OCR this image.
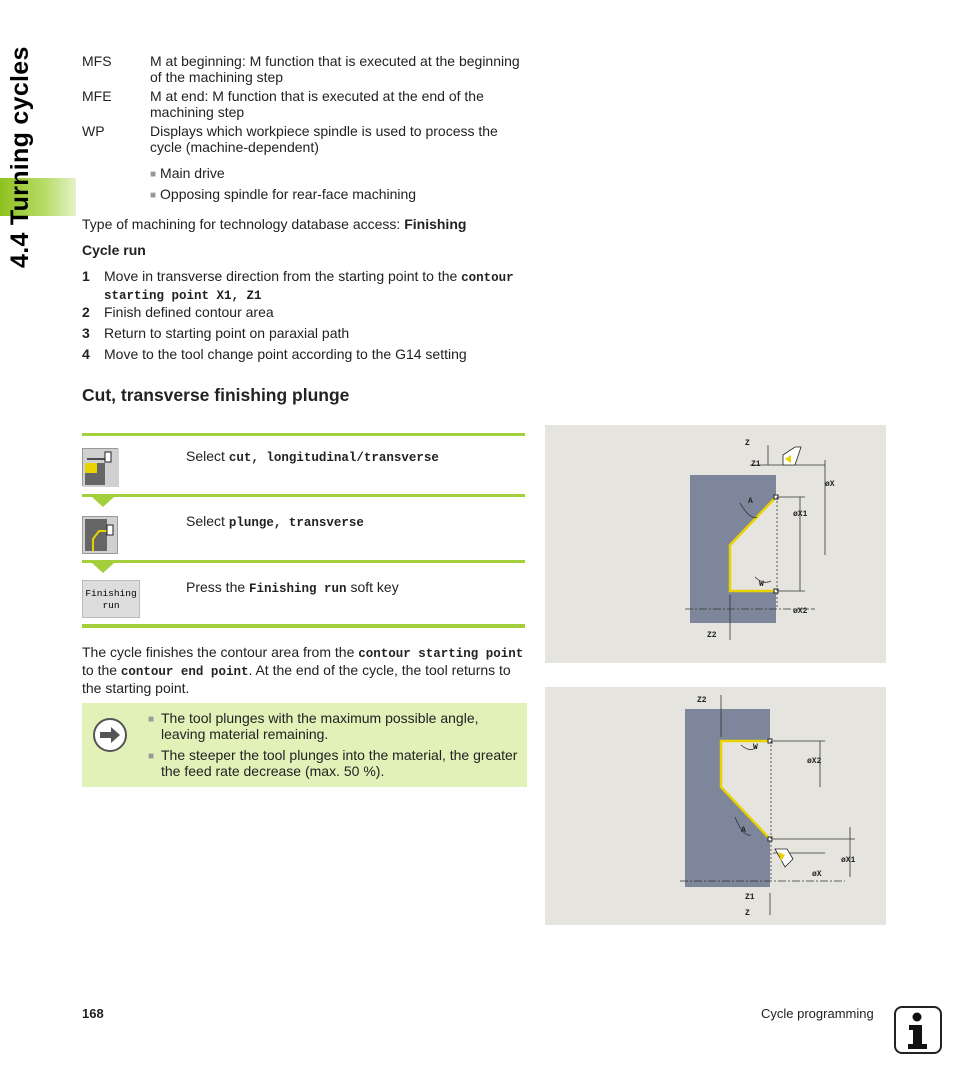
4.4 Turning cycles	MFS	M at beginning: M function that is executed at the beginning of the machining step
MFE	M at end: M function that is executed at the end of the machining step
WP	Displays which workpiece spindle is used to process the cycle (machine-dependent)
■ Main drive
■ Opposing spindle for rear-face machining
Type of machining for technology database access: Finishing
Cycle run
1 Move in transverse direction from the starting point to the contour starting point X1, Z1
2 Finish defined contour area
3 Return to starting point on paraxial path
4 Move to the tool change point according to the G14 setting
Cut, transverse finishing plunge
Select cut, longitudinal/transverse
Select plunge, transverse
Finishing
run
Press the Finishing run soft key
The cycle finishes the contour area from the contour starting point
to the contour end point. At the end of the cycle, the tool returns to the starting point.
■
The tool plunges with the maximum possible angle, leaving material remaining.
■
The steeper the tool plunges into the material, the greater the feed rate decrease (max. 50 %).
Z
Z1
Z2
øX
øX1
øX2
A
W
Z2
Z1
Z
øX2
øX1
øX
A
W
168	Cycle programming
